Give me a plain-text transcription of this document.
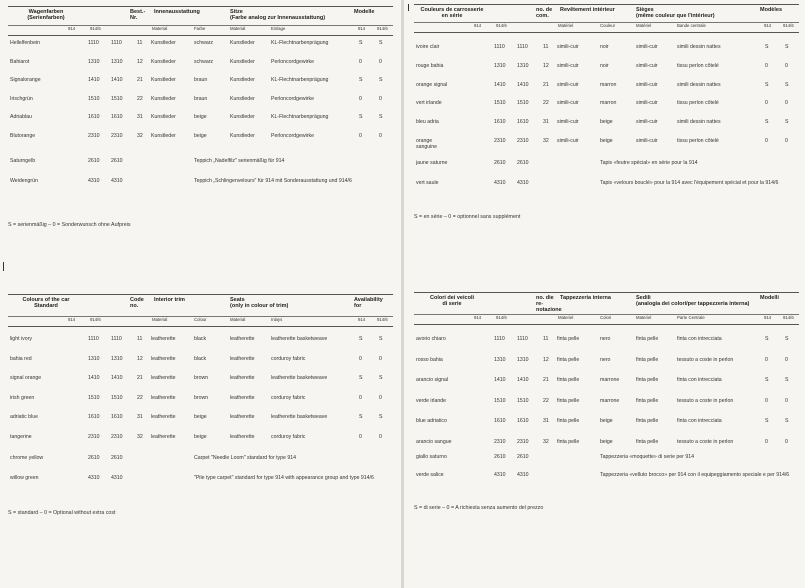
Wagenfarben
(Serienfarben)
Best.-
Nr.
Innenausstattung	Sitze
(Farbe analog zur Innenausstattung)
Modelle
914	914/6	Material	Farbe	Material	Einlage	914	914/6
Hellelfenbein	1110 1110	11 Kunstleder	schwarz	Kunstleder	KL-Flechtnarbenprägung	S	S
Bahiarot	1310 1310	12 Kunstleder	schwarz	Kunstleder	Perloncordgewirke	0	0
Signalorange	1410 1410	21 Kunstleder	braun	Kunstleder	KL-Flechtnarbenprägung	S	S
Irischgrün	1510 1510	22 Kunstleder	braun	Kunstleder	Perloncordgewirke	0	0
Adriablau	1610 1610	31 Kunstleder	beige	Kunstleder	KL-Flechtnarbenprägung	S	S
Blutorange	2310 2310	32 Kunstleder	beige	Kunstleder	Perloncordgewirke	0	0
Saturngelb	2610 2610	Teppich „Nadelfilz" serienmäßig für 914
Weidengrün	4310 4310	Teppich „Schlingenvelours" für 914 mit Sonderausstattung und 914/6
S = serienmäßig – 0 = Sonderwunsch ohne Aufpreis
Couleurs de carrosserie
en série
no. de
com.
Revêtement intérieur	Sièges
(même couleur que l'intérieur)
Modèles
914	914/6	Matériel	Couleur	Matériel	Bande centrale	914	914/6
ivoire clair	1110 1110	11 simili-cuir	noir	simili-cuir	simili dessin nattes	S	S
rouge bahia	1310 1310	12 simili-cuir	noir	simili-cuir	tissu perlon côtelé	0	0
orange signal	1410 1410	21 simili-cuir	marron	simili-cuir	simili dessin nattes	S	S
vert irlande	1510 1510	22 simili-cuir	marron	simili-cuir	tissu perlon côtelé	0	0
bleu adria	1610 1610	31 simili-cuir	beige	simili-cuir	simili dessin nattes	S	S
orange
sanguine
2310 2310	32 simili-cuir	beige	simili-cuir	tissu perlon côtelé	0	0
jaune saturne	2610 2610	Tapis «feutre spécial» en série pour la 914
vert saule	4310 4310	Tapis «velours bouclé» pour la 914 avec l'équipement spécial et pour la 914/6
S = en série – 0 = optionnel sans supplément
Colours of the car
Standard
Code
no.
Interior trim	Seats
(only in colour of trim)
Availability
for
914	914/6	Material	Colour	Material	Inlays	914	914/6
light ivory	1110 1110	11 leatherette	black	leatherette	leatherette basketweave	S	S
bahia red	1310 1310	12 leatherette	black	leatherette	corduroy fabric	0	0
signal orange	1410 1410	21 leatherette	brown	leatherette	leatherette basketweave	S	S
irish green	1510 1510	22 leatherette	brown	leatherette	corduroy fabric	0	0
adriatic blue	1610 1610	31 leatherette	beige	leatherette	leatherette basketweave	S	S
tangerine	2310 2310	32 leatherette	beige	leatherette	corduroy fabric	0	0
chrome yellow	2610 2610	Carpet "Needle Loom" standard for type 914
willow green	4310 4310	"Pile type carpet" standard for type 914 with appearance group and type 914/6
S = standard – 0 = Optional without extra cost
Colori dei veicoli
di serie
no. die re-
notazione
Tappezzeria interna	Sedili
(analogia dei colori/per tappezzeria interna)
Modelli
914	914/6	Materiel	Colori	Materiel	Parte Centrale	914	914/6
avorio chiaro	1110 1110	11 finta pelle	nero	finta pelle	finta con intrecciata	S	S
rosso bahia	1310 1310	12 finta pelle	nero	finta pelle	tessuto a coste in perlon	0	0
arancio signal	1410 1410	21 finta pelle	marrone	finta pelle	finta con intrecciata	S	S
verde irlande	1510 1510	22 finta pelle	marrone	finta pelle	tessuto a coste in perlon	0	0
blue adriatico	1610 1610	31 finta pelle	beige	finta pelle	finta con intrecciata	S	S
arancio sangue	2310 2310	32 finta pelle	beige	finta pelle	tessuto a coste in perlon	0	0
giallo saturno	2610 2610	Tappezzeria «moquette» di serie per 914
verde salice	4310 4310	Tappezzeria «velluto brocco» per 914 con il equipeggiamento speciale e per 914/6
S = di serie – 0 = A richiesta senza aumento del prezzo
